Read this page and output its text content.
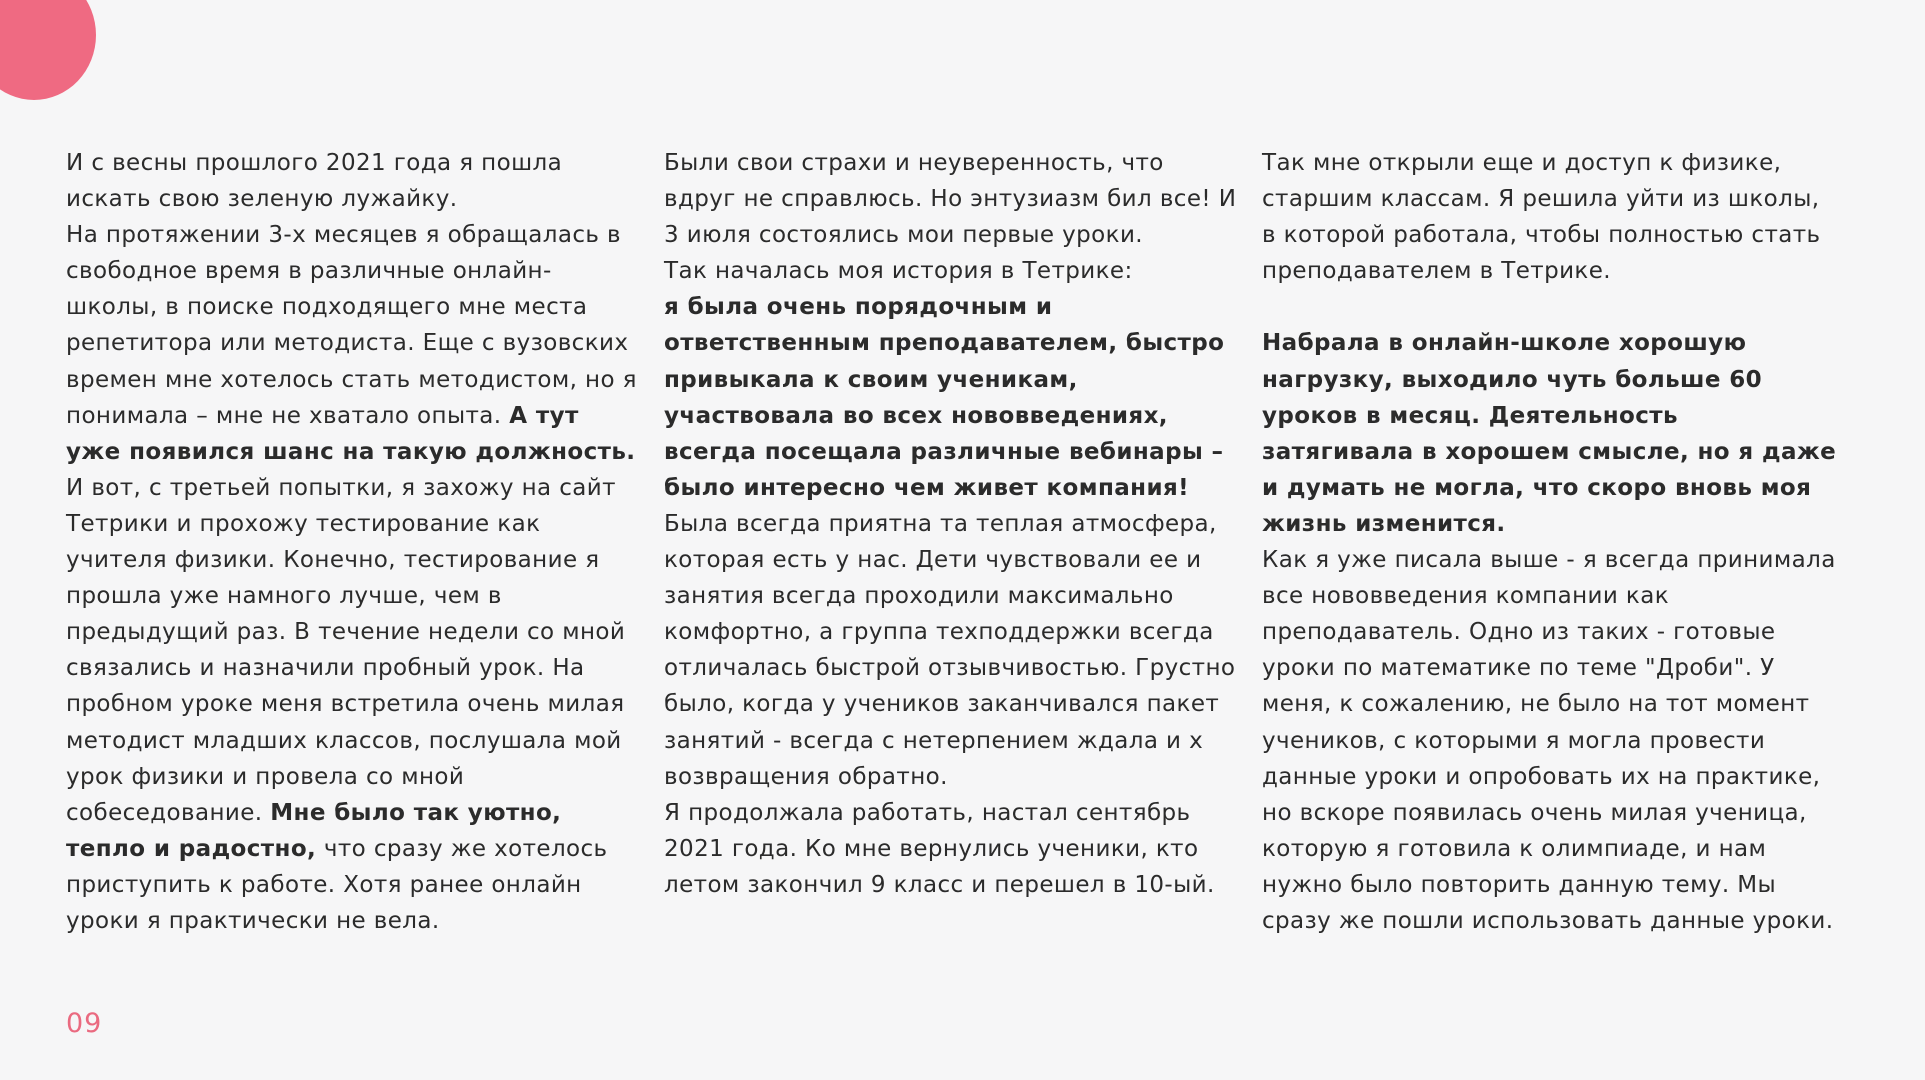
И с весны прошлого 2021 года я пошла искать свою зеленую лужайку.

На протяжении 3-х месяцев я обращалась в свободное время в различные онлайн-школы, в поиске подходящего мне места репетитора или методиста. Еще с вузовских времен мне хотелось стать методистом, но я понимала – мне не хватало опыта. А тут уже появился шанс на такую должность.

И вот, с третьей попытки, я захожу на сайт Тетрики и прохожу тестирование как учителя физики. Конечно, тестирование я прошла уже намного лучше, чем в предыдущий раз. В течение недели со мной связались и назначили пробный урок. На пробном уроке меня встретила очень милая методист младших классов, послушала мой урок физики и провела со мной собеседование. Мне было так уютно, тепло и радостно, что сразу же хотелось приступить к работе. Хотя ранее онлайн уроки я практически не вела.

Были свои страхи и неуверенность, что вдруг не справлюсь. Но энтузиазм бил все! И 3 июля состоялись мои первые уроки.

Так началась моя история в Тетрике:

я была очень порядочным и ответственным преподавателем, быстро привыкала к своим ученикам, участвовала во всех нововведениях, всегда посещала различные вебинары – было интересно чем живет компания!

Была всегда приятна та теплая атмосфера, которая есть у нас. Дети чувствовали ее и занятия всегда проходили максимально комфортно, а группа техподдержки всегда отличалась быстрой отзывчивостью. Грустно было, когда у учеников заканчивался пакет занятий - всегда с нетерпением ждала и х возвращения обратно.

Я продолжала работать, настал сентябрь 2021 года. Ко мне вернулись ученики, кто летом закончил 9 класс и перешел в 10-ый.

Так мне открыли еще и доступ к физике, старшим классам. Я решила уйти из школы, в которой работала, чтобы полностью стать преподавателем в Тетрике.

Набрала в онлайн-школе хорошую нагрузку, выходило чуть больше 60 уроков в месяц. Деятельность затягивала в хорошем смысле, но я даже и думать не могла, что скоро вновь моя жизнь изменится.

Как я уже писала выше - я всегда принимала все нововведения компании как преподаватель. Одно из таких - готовые уроки по математике по теме "Дроби". У меня, к сожалению, не было на тот момент учеников, с которыми я могла провести данные уроки и опробовать их на практике, но вскоре появилась очень милая ученица, которую я готовила к олимпиаде, и нам нужно было повторить данную тему. Мы сразу же пошли использовать данные уроки.

09
